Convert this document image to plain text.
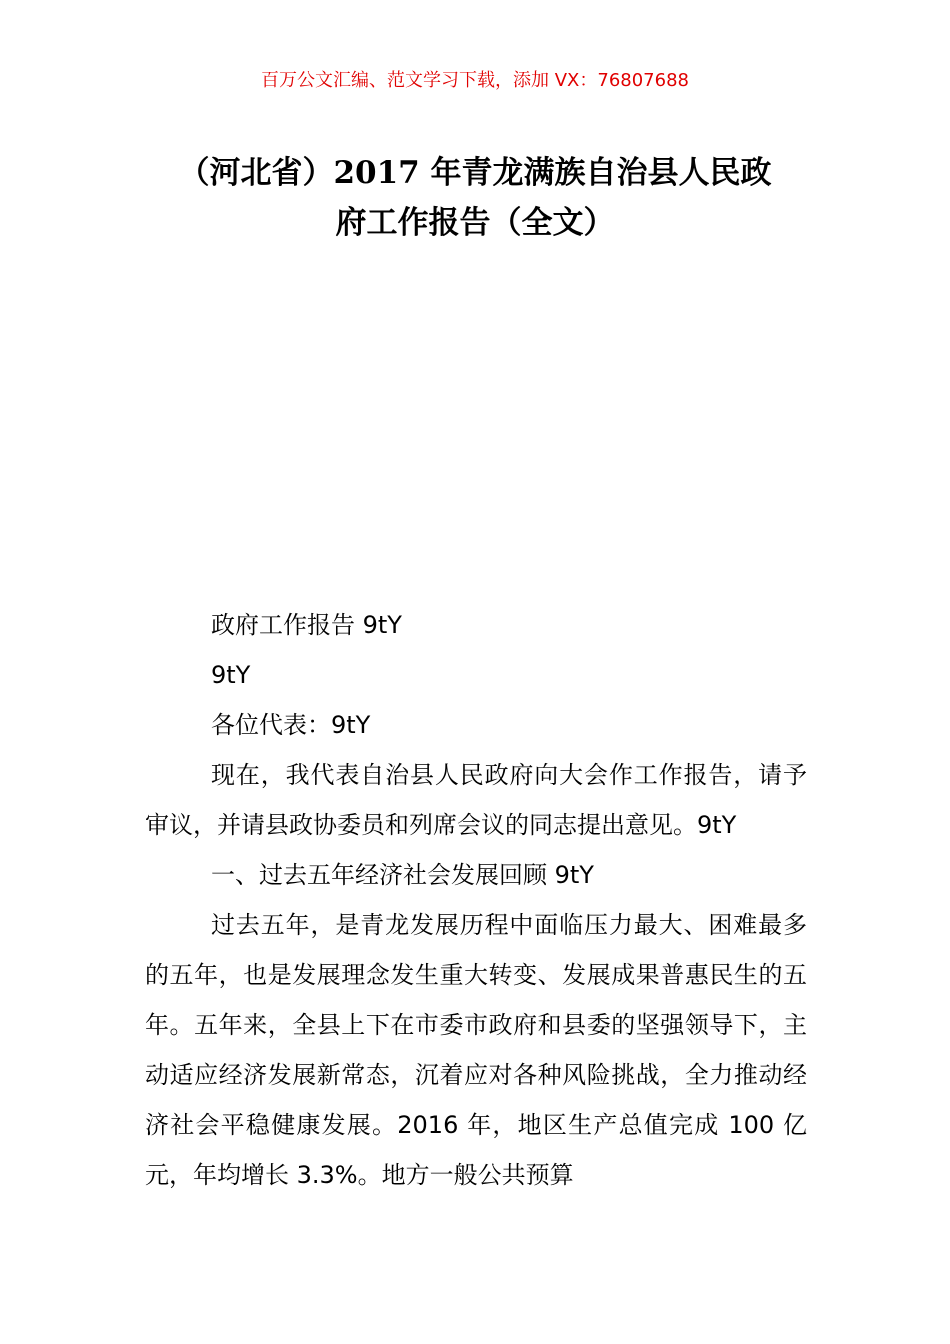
百万公文汇编、范文学习下载，添加 VX：76807688
（河北省）2017 年青龙满族自治县人民政
府工作报告（全文）

政府工作报告 9tY

9tY

各位代表：9tY

现在，我代表自治县人民政府向大会作工作报告，请予审议，并请县政协委员和列席会议的同志提出意见。9tY

一、过去五年经济社会发展回顾 9tY

过去五年，是青龙发展历程中面临压力最大、困难最多的五年，也是发展理念发生重大转变、发展成果普惠民生的五年。五年来，全县上下在市委市政府和县委的坚强领导下，主动适应经济发展新常态，沉着应对各种风险挑战，全力推动经济社会平稳健康发展。2016 年，地区生产总值完成 100 亿元，年均增长 3.3%。地方一般公共预算
